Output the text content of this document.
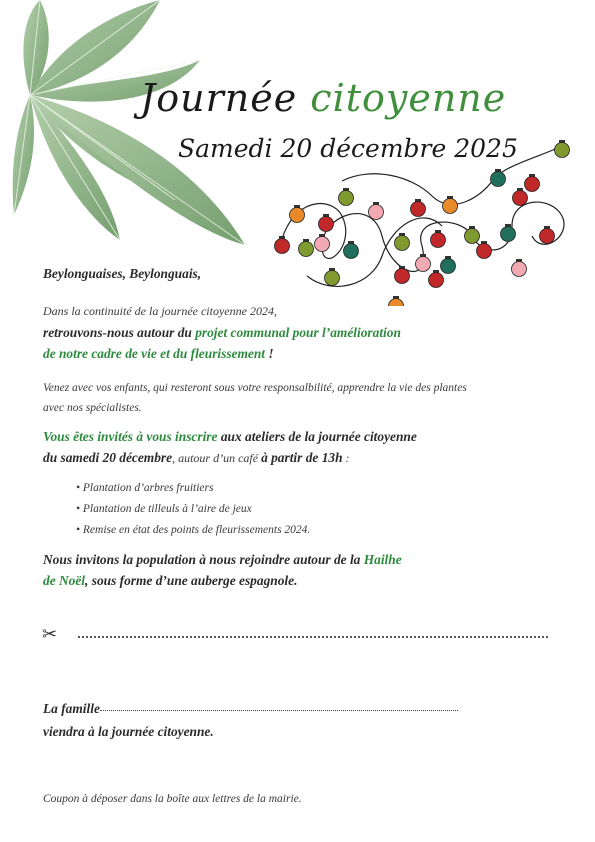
Journée citoyenne
Samedi 20 décembre 2025
Beylonguaises, Beylonguais,
Dans la continuité de la journée citoyenne 2024,
retrouvons-nous autour du projet communal pour l’amélioration
de notre cadre de vie et du fleurissement !
Venez avec vos enfants, qui resteront sous votre responsalbilité, apprendre la vie des plantes
avec nos spécialistes.
Vous êtes invités à vous inscrire aux ateliers de la journée citoyenne
du samedi 20 décembre, autour d’un café à partir de 13h :
• Plantation d’arbres fruitiers
• Plantation de tilleuls à l’aire de jeux
• Remise en état des points de fleurissements 2024.
Nous invitons la population à nous rejoindre autour de la Hailhe
de Noël, sous forme d’une auberge espagnole.
✂
La famille
viendra à la journée citoyenne.
Coupon à déposer dans la boîte aux lettres de la mairie.
